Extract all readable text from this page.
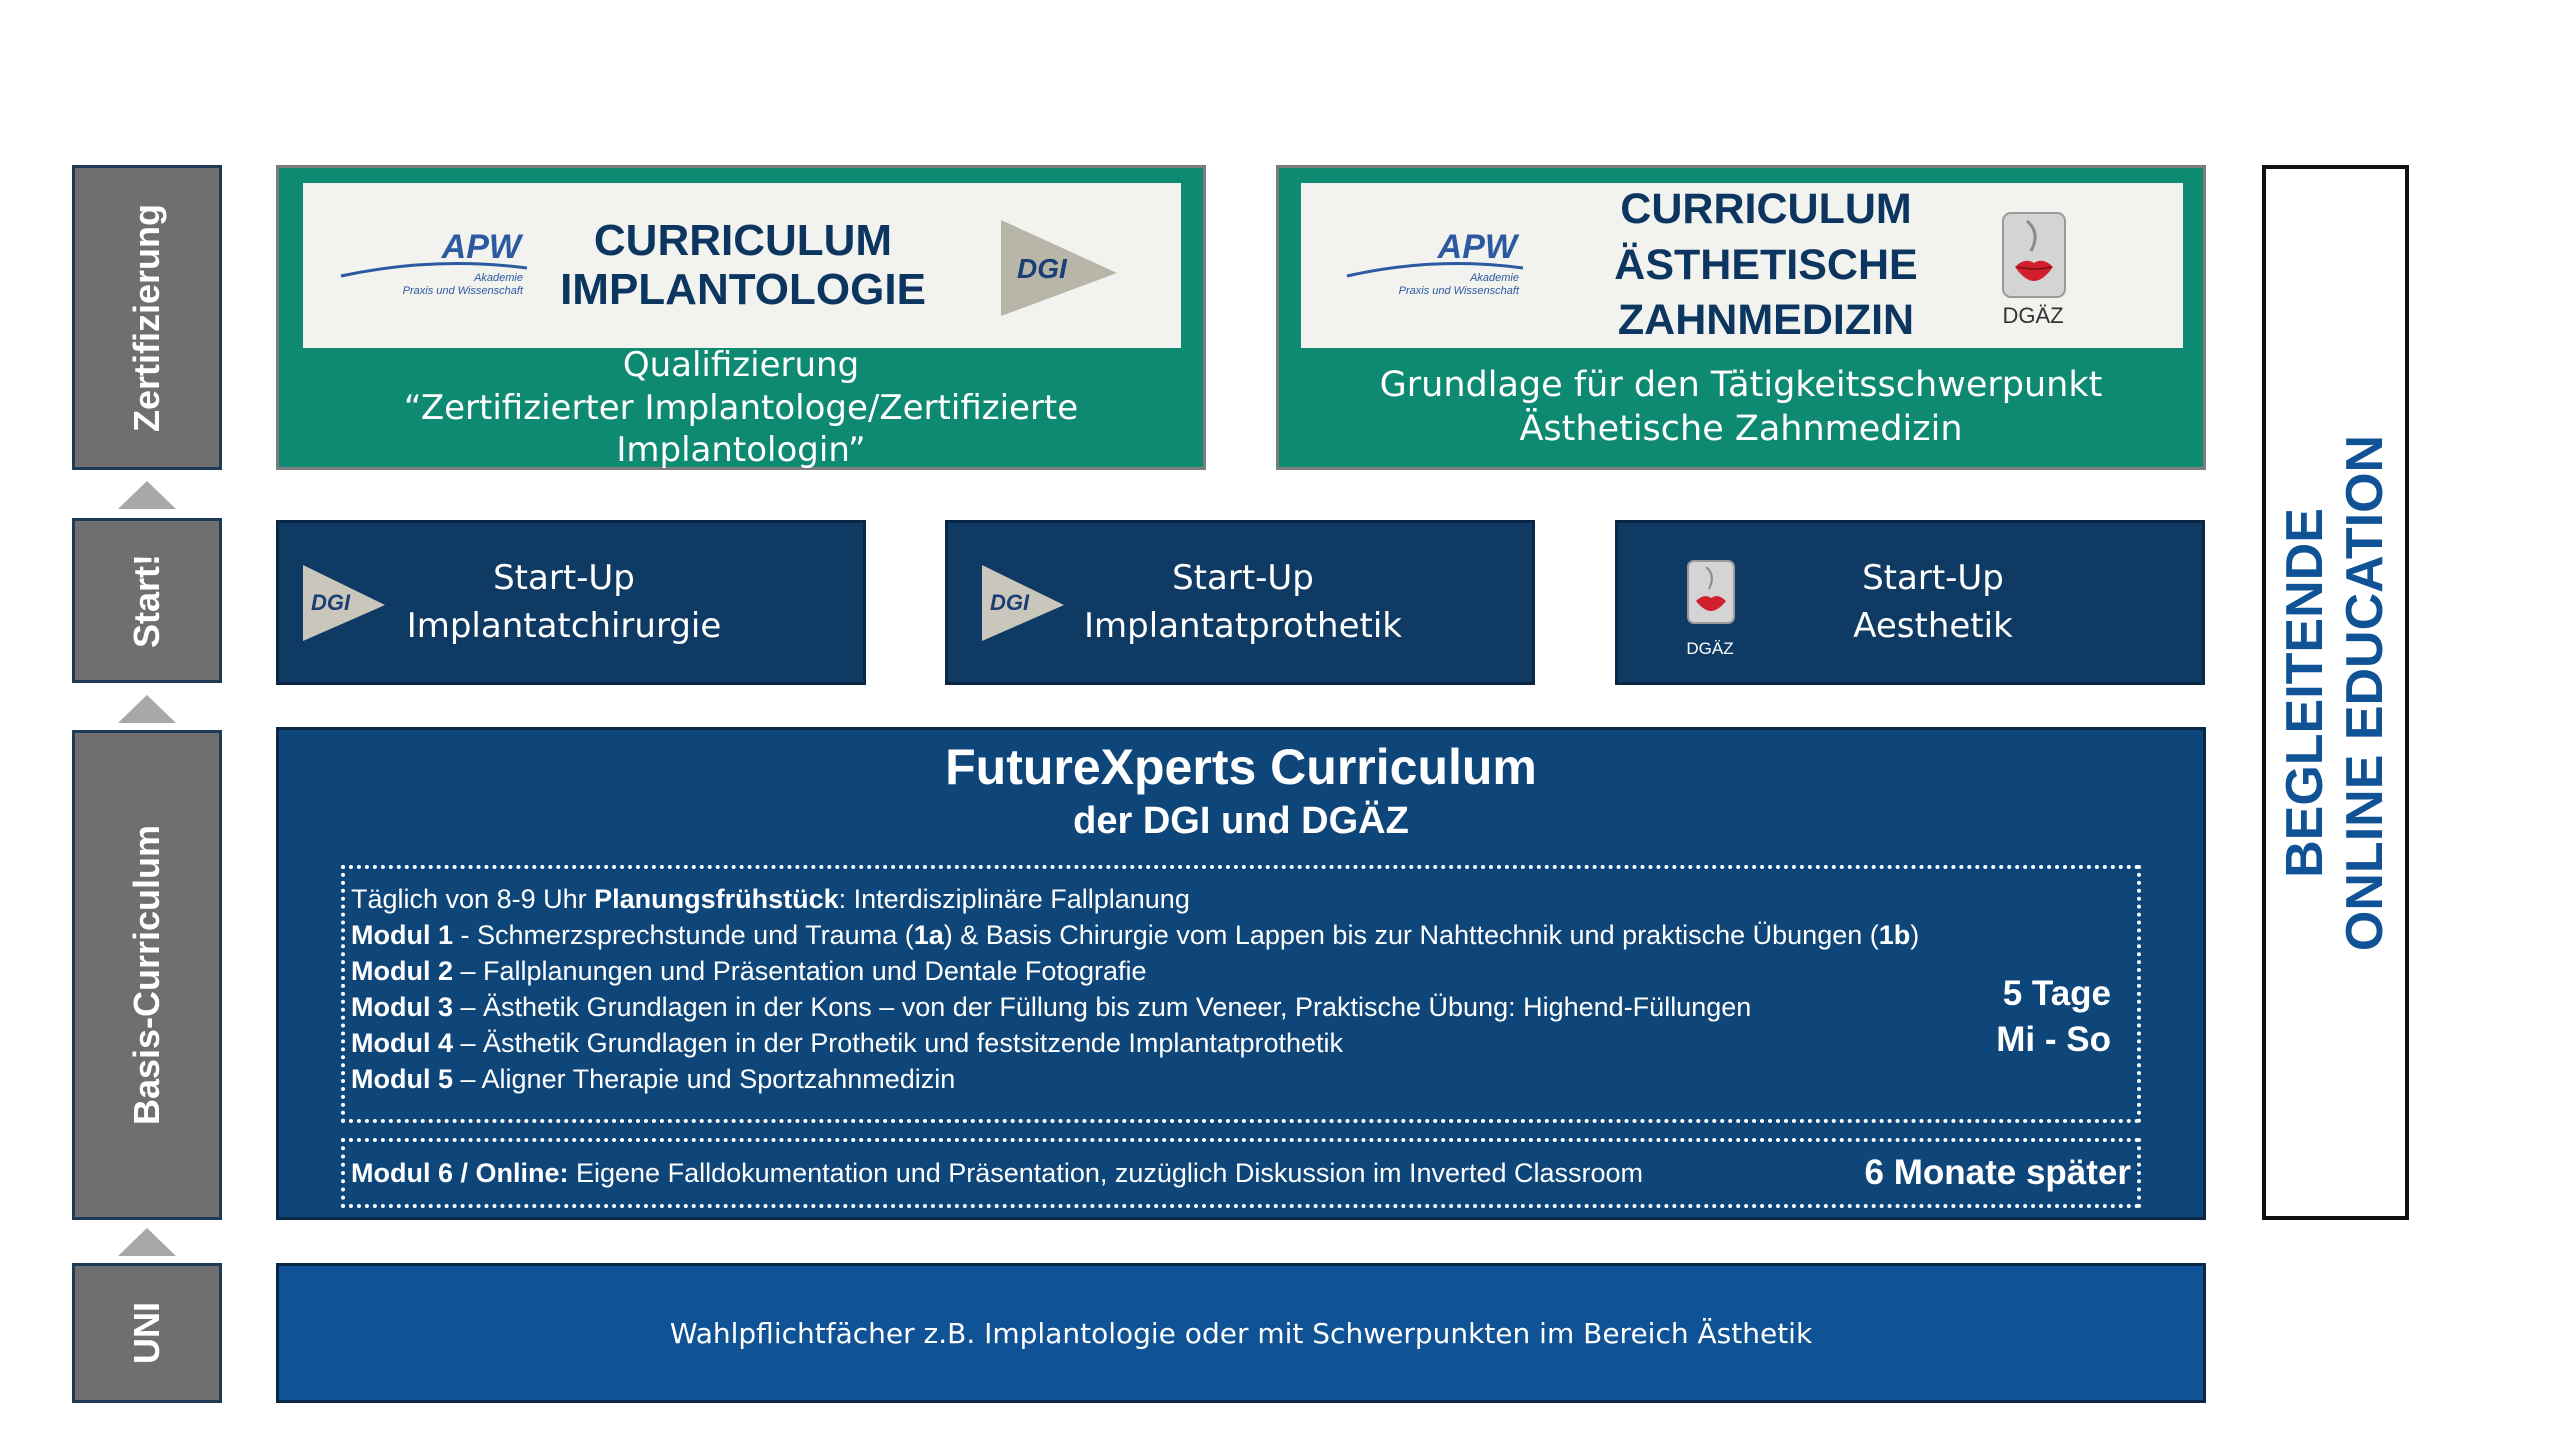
Zertifizierung
Start!
Basis-Curriculum
UNI
APW
Akademie
Praxis und Wissenschaft
CURRICULUM
IMPLANTOLOGIE	DGI
Qualifizierung
“Zertifizierter Implantologe/Zertifizierte Implantologin”
APW
Akademie
Praxis und Wissenschaft
CURRICULUM
ÄSTHETISCHE
ZAHNMEDIZIN	DGÄZ
Grundlage für den Tätigkeitsschwerpunkt
Ästhetische Zahnmedizin
DGI
Start-Up
Implantatchirurgie
DGI
Start-Up
Implantatprothetik
DGÄZ
Start-Up
Aesthetik
FutureXperts Curriculum
der DGI und DGÄZ
Täglich von 8-9 Uhr Planungsfrühstück: Interdisziplinäre Fallplanung
Modul 1 - Schmerzsprechstunde und Trauma (1a) & Basis Chirurgie vom Lappen bis zur Nahttechnik und praktische Übungen (1b)
Modul 2 – Fallplanungen und Präsentation und Dentale Fotografie
Modul 3 – Ästhetik Grundlagen in der Kons – von der Füllung bis zum Veneer, Praktische Übung: Highend-Füllungen
Modul 4 – Ästhetik Grundlagen in der Prothetik und festsitzende Implantatprothetik
Modul 5 – Aligner Therapie und Sportzahnmedizin
5 Tage
Mi - So
Modul 6 / Online: Eigene Falldokumentation und Präsentation, zuzüglich Diskussion im Inverted Classroom	6 Monate später
Wahlpflichtfächer z.B. Implantologie oder mit Schwerpunkten im Bereich Ästhetik
BEGLEITENDE ONLINE EDUCATION
